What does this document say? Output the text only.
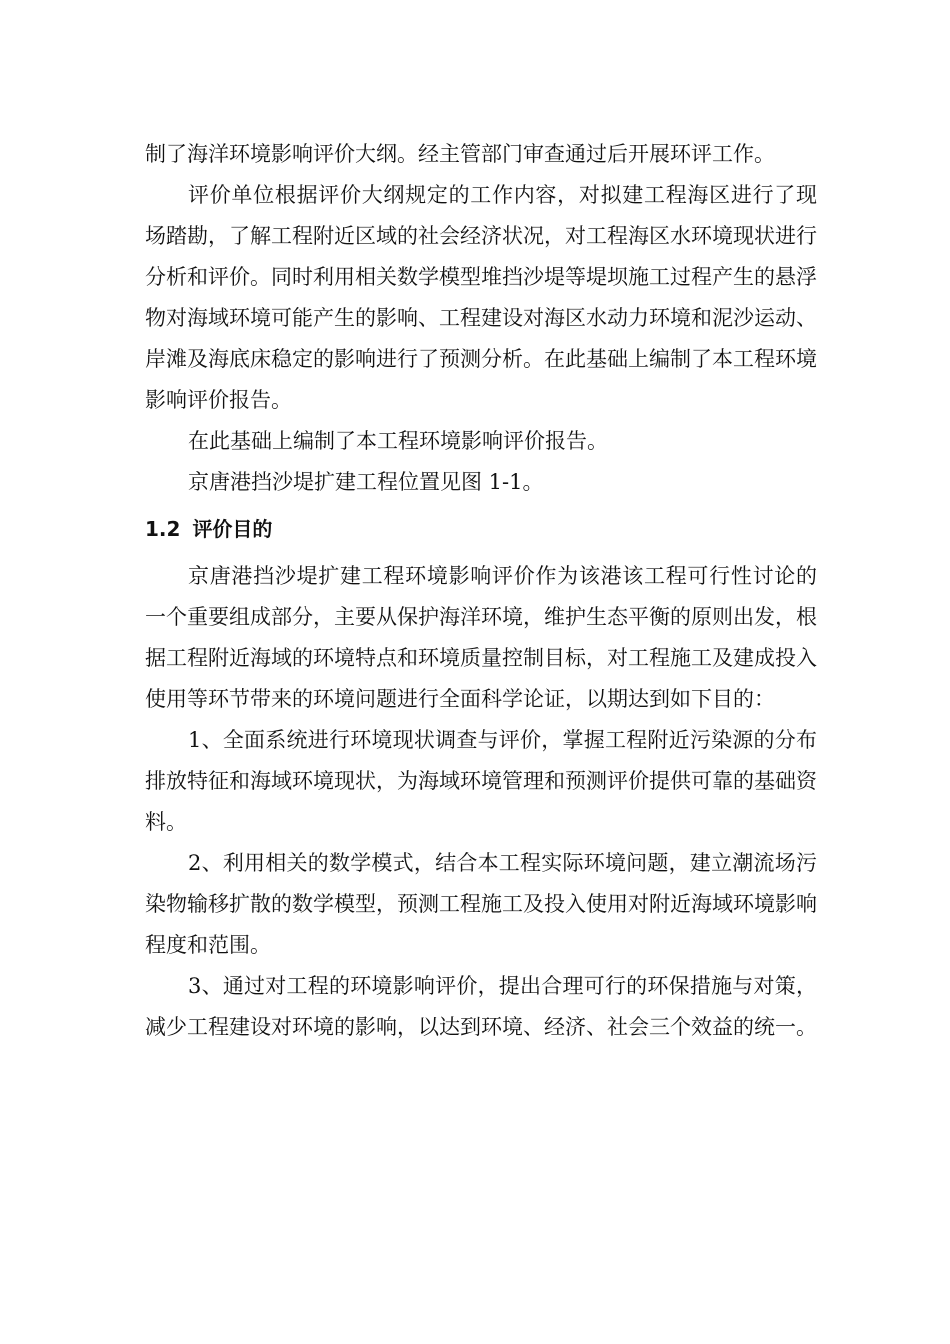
制了海洋环境影响评价大纲。经主管部门审查通过后开展环评工作。

评价单位根据评价大纲规定的工作内容，对拟建工程海区进行了现场踏勘，了解工程附近区域的社会经济状况，对工程海区水环境现状进行分析和评价。同时利用相关数学模型堆挡沙堤等堤坝施工过程产生的悬浮物对海域环境可能产生的影响、工程建设对海区水动力环境和泥沙运动、岸滩及海底床稳定的影响进行了预测分析。在此基础上编制了本工程环境影响评价报告。

在此基础上编制了本工程环境影响评价报告。

京唐港挡沙堤扩建工程位置见图 1-1。

1.2 评价目的

京唐港挡沙堤扩建工程环境影响评价作为该港该工程可行性讨论的一个重要组成部分，主要从保护海洋环境，维护生态平衡的原则出发，根据工程附近海域的环境特点和环境质量控制目标，对工程施工及建成投入使用等环节带来的环境问题进行全面科学论证，以期达到如下目的：

1、全面系统进行环境现状调查与评价，掌握工程附近污染源的分布排放特征和海域环境现状，为海域环境管理和预测评价提供可靠的基础资料。

2、利用相关的数学模式，结合本工程实际环境问题，建立潮流场污染物输移扩散的数学模型，预测工程施工及投入使用对附近海域环境影响程度和范围。

3、通过对工程的环境影响评价，提出合理可行的环保措施与对策，减少工程建设对环境的影响，以达到环境、经济、社会三个效益的统一。
